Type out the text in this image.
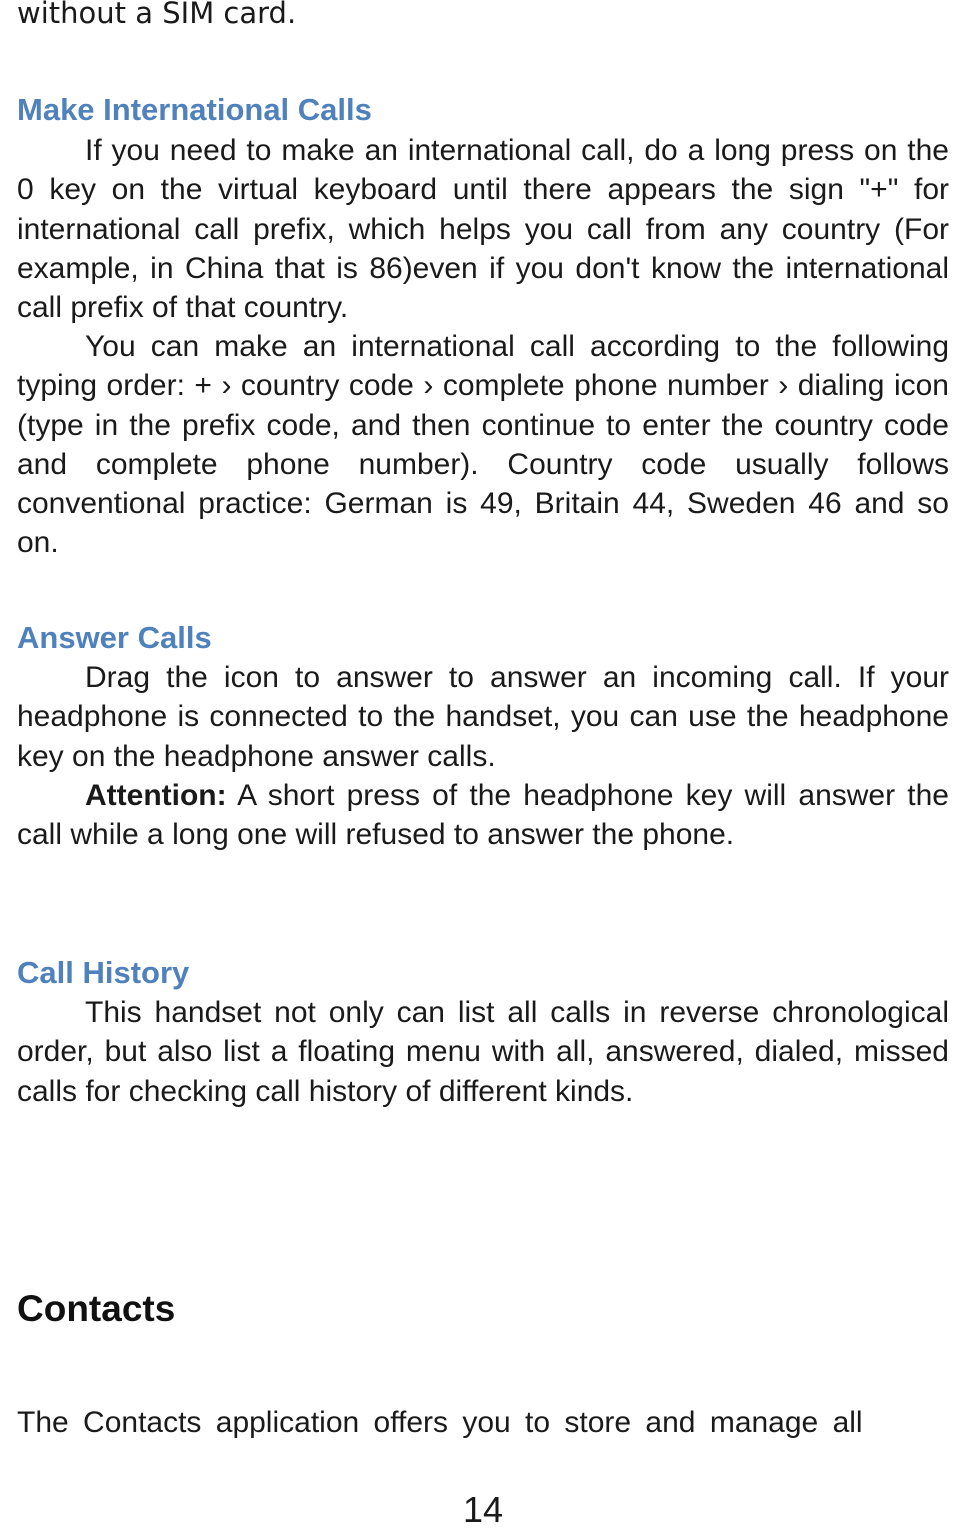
without a SIM card.

Make International Calls

If you need to make an international call, do a long press on the 0 key on the virtual keyboard until there appears the sign "+" for international call prefix, which helps you call from any country (For example, in China that is 86)even if you don't know the international call prefix of that country.

You can make an international call according to the following typing order: + › country code › complete phone number › dialing icon (type in the prefix code, and then continue to enter the country code and complete phone number). Country code usually follows conventional practice: German is 49, Britain 44, Sweden 46 and so on.

Answer Calls

Drag the icon to answer to answer an incoming call. If your headphone is connected to the handset, you can use the headphone key on the headphone answer calls.

Attention: A short press of the headphone key will answer the call while a long one will refused to answer the phone.

Call History

This handset not only can list all calls in reverse chronological order, but also list a floating menu with all, answered, dialed, missed calls for checking call history of different kinds.

Contacts

The Contacts application offers you to store and manage all

14
